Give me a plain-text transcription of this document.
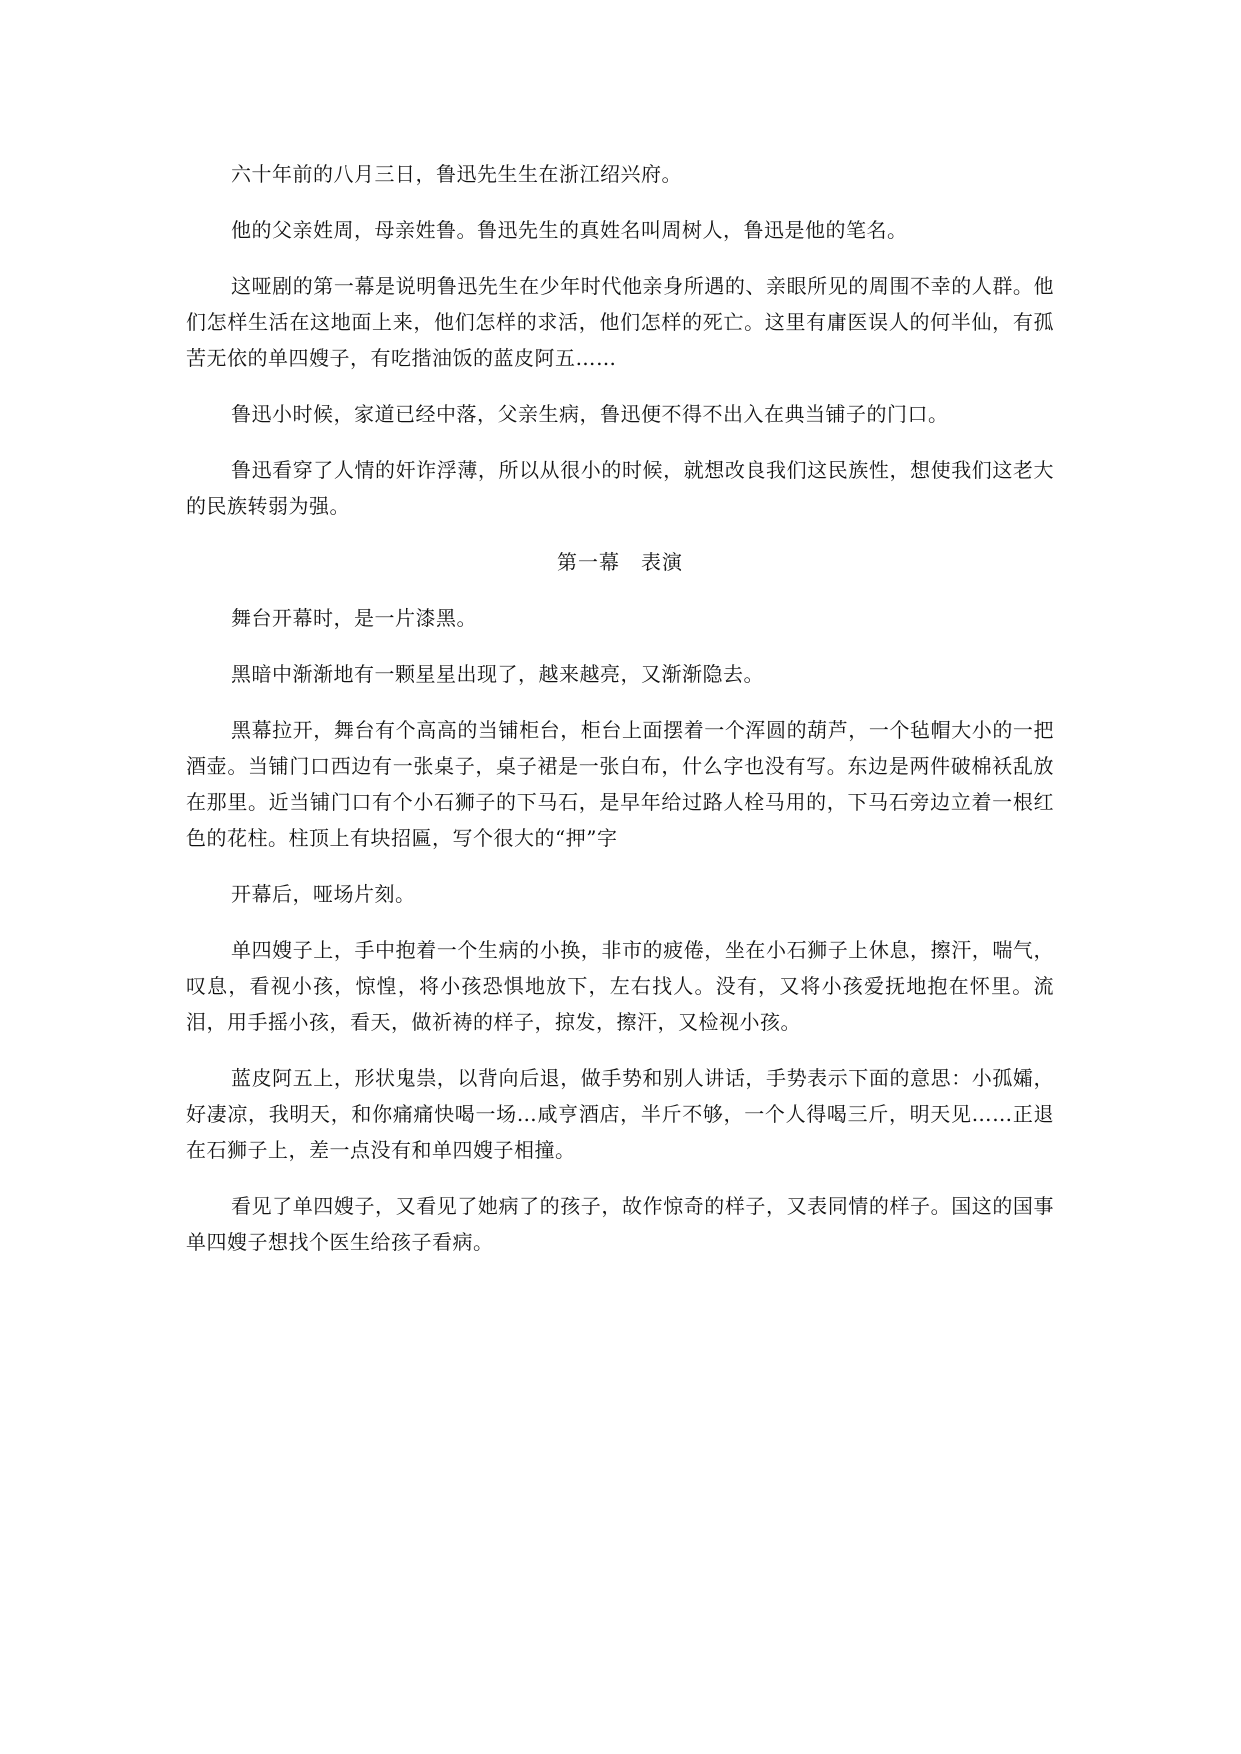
六十年前的八月三日，鲁迅先生生在浙江绍兴府。

他的父亲姓周，母亲姓鲁。鲁迅先生的真姓名叫周树人，鲁迅是他的笔名。

这哑剧的第一幕是说明鲁迅先生在少年时代他亲身所遇的、亲眼所见的周围不幸的人群。他们怎样生活在这地面上来，他们怎样的求活，他们怎样的死亡。这里有庸医误人的何半仙，有孤苦无依的单四嫂子，有吃揩油饭的蓝皮阿五……

鲁迅小时候，家道已经中落，父亲生病，鲁迅便不得不出入在典当铺子的门口。

鲁迅看穿了人情的奸诈浮薄，所以从很小的时候，就想改良我们这民族性，想使我们这老大的民族转弱为强。

第一幕　表演

舞台开幕时，是一片漆黑。

黑暗中渐渐地有一颗星星出现了，越来越亮，又渐渐隐去。

黑幕拉开，舞台有个高高的当铺柜台，柜台上面摆着一个浑圆的葫芦，一个毡帽大小的一把酒壶。当铺门口西边有一张桌子，桌子裙是一张白布，什么字也没有写。东边是两件破棉袄乱放在那里。近当铺门口有个小石狮子的下马石，是早年给过路人栓马用的，下马石旁边立着一根红色的花柱。柱顶上有块招匾，写个很大的“押”字

开幕后，哑场片刻。

单四嫂子上，手中抱着一个生病的小换，非市的疲倦，坐在小石狮子上休息，擦汗，喘气，叹息，看视小孩，惊惶，将小孩恐惧地放下，左右找人。没有，又将小孩爱抚地抱在怀里。流泪，用手摇小孩，看天，做祈祷的样子，掠发，擦汗，又检视小孩。

蓝皮阿五上，形状鬼祟，以背向后退，做手势和别人讲话，手势表示下面的意思：小孤孀，好凄凉，我明天，和你痛痛快喝一场…咸亨酒店，半斤不够，一个人得喝三斤，明天见……正退在石狮子上，差一点没有和单四嫂子相撞。

看见了单四嫂子，又看见了她病了的孩子，故作惊奇的样子，又表同情的样子。国这的国事单四嫂子想找个医生给孩子看病。
